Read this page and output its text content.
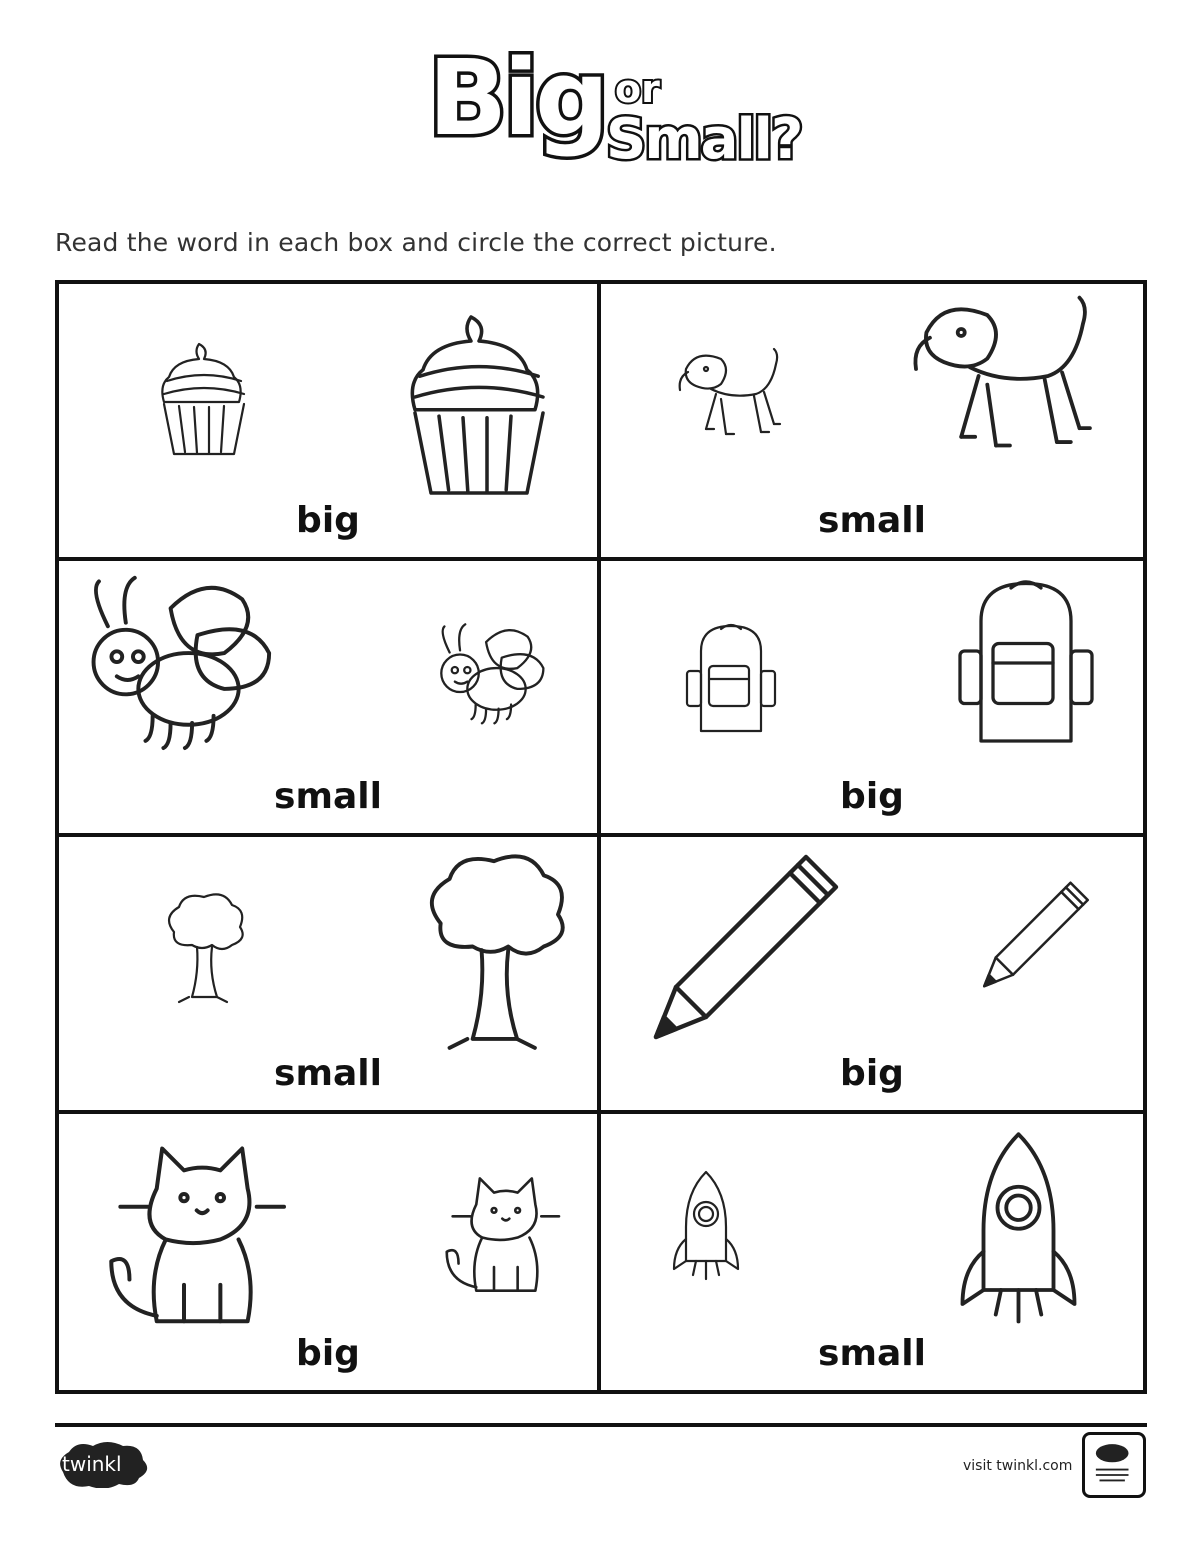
Big or
Small?
Read the word in each box and circle the correct picture.
big	small
small	big
small	big
big	small
twinkl	visit twinkl.com
